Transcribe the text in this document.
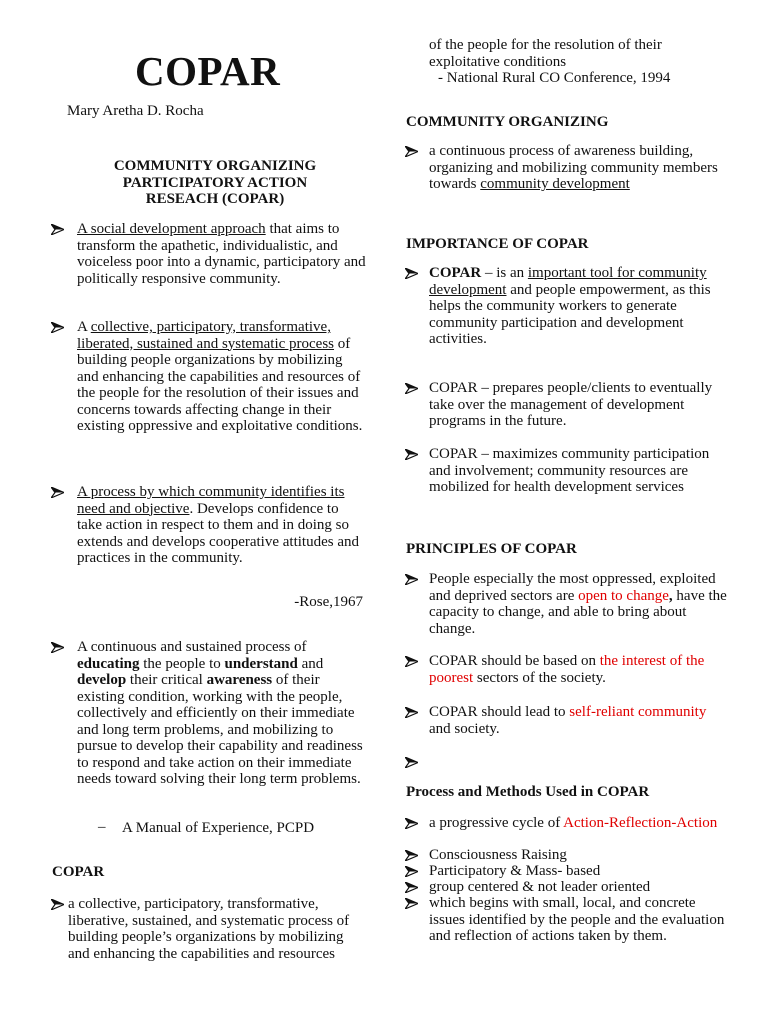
COPAR
Mary Aretha D. Rocha
COMMUNITY ORGANIZING
PARTICIPATORY ACTION
RESEACH (COPAR)
A social development approach that aims to transform the apathetic, individualistic, and voiceless poor into a dynamic, participatory and politically responsive community.
A collective, participatory, transformative, liberated, sustained and systematic process of building people organizations by mobilizing and enhancing the capabilities and resources of the people for the resolution of their issues and concerns towards affecting change in their existing oppressive and exploitative conditions.
A process by which community identifies its need and objective. Develops confidence to take action in respect to them and in doing so extends and develops cooperative attitudes and practices in the community.
-Rose,1967
A continuous and sustained process of educating the people to understand and develop their critical awareness of their existing condition, working with the people, collectively and efficiently on their immediate and long term problems, and mobilizing to pursue to develop their capability and readiness to respond and take action on their immediate needs toward solving their long term problems.
– A Manual of Experience, PCPD
COPAR
a collective, participatory, transformative, liberative, sustained, and systematic process of building people’s organizations by mobilizing and enhancing the capabilities and resources
of the people for the resolution of their
exploitative conditions
- National Rural CO Conference, 1994
COMMUNITY ORGANIZING
a continuous process of awareness building, organizing and mobilizing community members towards community development
IMPORTANCE OF COPAR
COPAR – is an important tool for community development and people empowerment, as this helps the community workers to generate community participation and development activities.
COPAR – prepares people/clients to eventually take over the management of development programs in the future.
COPAR – maximizes community participation and involvement; community resources are mobilized for health development services
PRINCIPLES OF COPAR
People especially the most oppressed, exploited and deprived sectors are open to change, have the capacity to change, and able to bring about change.
COPAR should be based on the interest of the poorest sectors of the society.
COPAR should lead to self-reliant community and society.
Process and Methods Used in COPAR
a progressive cycle of Action-Reflection-Action
Consciousness Raising
Participatory & Mass- based
group centered & not leader oriented
which begins with small, local, and concrete issues identified by the people and the evaluation and reflection of actions taken by them.
